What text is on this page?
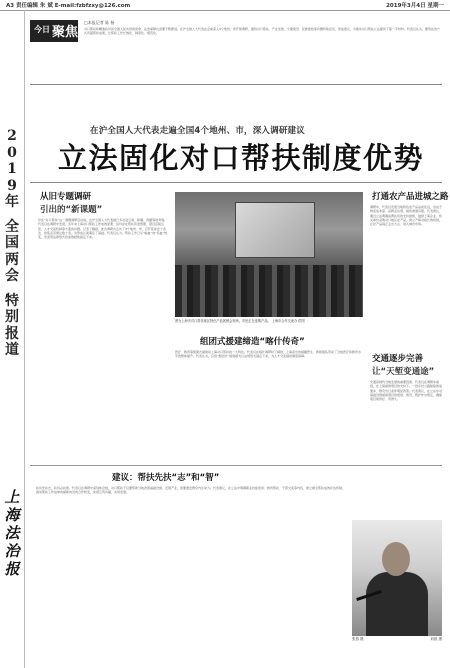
A3 责任编辑 朱 斌 E-mail:fzbfzxy@126.com	2019年3月4日 星期一
2
0
1
9
年
全
国
两
会
特
别
报
道
上
海
法
治
报
今日 聚焦
□本报记者 陈 杨
对口帮扶和精准扶贫是全国人民共同的使命，法治保障也需要不断跟进。在沪全国人大代表在会前深入4个地州、市开展调研，围绕对口帮扶、产业发展、交通建设、民族团结等问题听取意见，形成建议，为推动对口帮扶立法提供了第一手材料。代表们认为，要用法治方式巩固帮扶成果，让帮扶工作长效化、制度化、规范化。
在沪全国人大代表走遍全国4个地州、市，深入调研建议
立法固化对口帮扶制度优势
从旧专题调研
引出的“新课题”
早在“对口帮扶”这一课题调研启动前，在沪全国人大代表就已多次赴云南、新疆、西藏等地考察。代表们在调研中发现，多年来上海对口帮扶工作成效显著，但仍存在帮扶资金管理、项目后续运营、人才交流机制等方面的问题。记者了解到，此次调研共走访了4个地州、市，召开座谈会十余次，收集意见建议数十条，为形成议案奠定了基础。代表们认为，帮扶工作已从“输血”向“造血”转变，急需用法律形式将成熟经验固定下来。
图为上海市对口帮扶地区特色产品展销会现场，市民正在选购产品。 上海市合作交流办 供图
组团式援建缔造“喀什传奇”
医疗、教育等组团式援建是上海对口帮扶的一大特色。代表们在喀什调研时了解到，上海派出的援疆医生、教师团队带动了当地医疗和教育水平的整体提升。代表认为，应将“组团式”援建模式以法规形式固定下来，为人才交流提供制度保障。
打通农产品进城之路
调研中，代表们发现当地特色农产品品质优良，但由于物流成本高、品牌意识弱，销售渠道有限。代表建议，通过立法明确消费扶贫的支持措施，鼓励上海企业、机关单位采购对口地区农产品，建立产销对接长效机制，让好产品真正走出大山、进入城市市场。
交通逐步完善
让“天堑变通途”
交通是制约当地发展的重要因素。代表们在调研中看到，在上海援建项目的支持下，一批乡村公路陆续建成通车，群众出行条件明显改善。代表建议，在立法中对基础设施援建项目的规划、建设、管护作出规定，确保项目建得好、用得久。
建议：帮扶先扶“志”和“智”
扶贫先扶志，扶贫必扶智。代表们在调研中深刻体会到，对口帮扶不仅要帮助当地改善基础设施、发展产业，更要激发群众内生动力。代表建议，在立法中明确职业技能培训、教育帮扶、干部交流等内容，建立健全帮扶成效评估机制，推动帮扶工作由单向援助向双向合作转变，实现互利共赢、共同发展。
张燕 摄	刘波 摄
